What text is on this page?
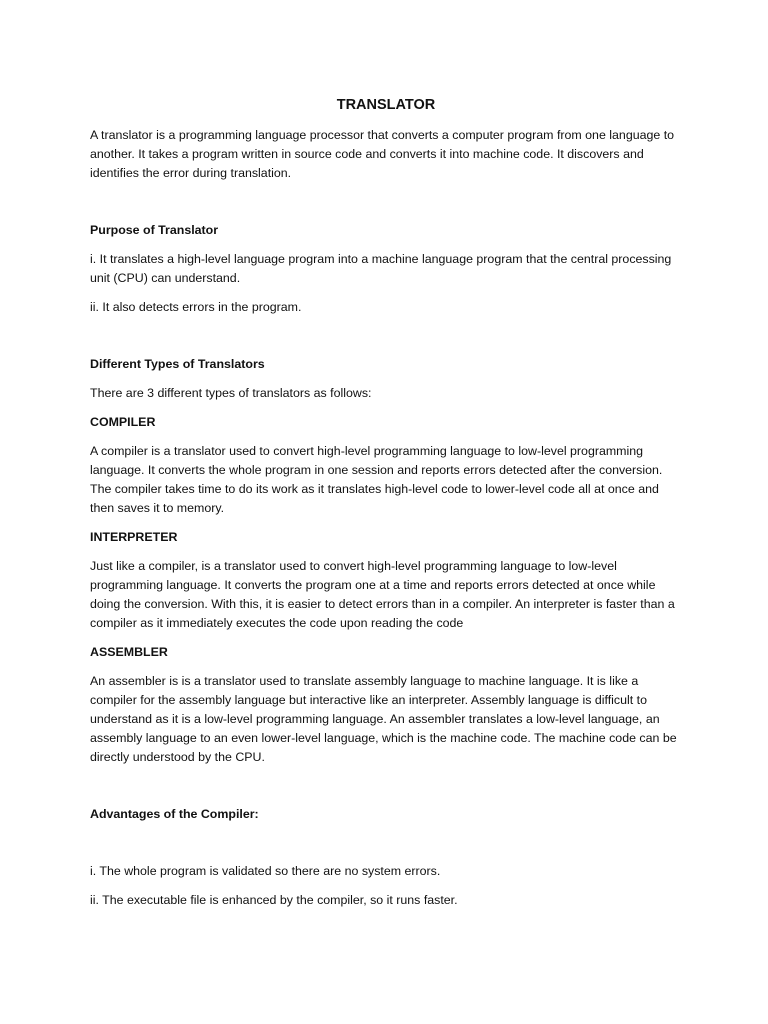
TRANSLATOR

A translator is a programming language processor that converts a computer program from one language to another. It takes a program written in source code and converts it into machine code. It discovers and identifies the error during translation.

Purpose of Translator

i. It translates a high-level language program into a machine language program that the central processing unit (CPU) can understand.

ii. It also detects errors in the program.

Different Types of Translators

There are 3 different types of translators as follows:

COMPILER

A compiler is a translator used to convert high-level programming language to low-level programming language. It converts the whole program in one session and reports errors detected after the conversion. The compiler takes time to do its work as it translates high-level code to lower-level code all at once and then saves it to memory.

INTERPRETER

Just like a compiler, is a translator used to convert high-level programming language to low-level programming language. It converts the program one at a time and reports errors detected at once while doing the conversion. With this, it is easier to detect errors than in a compiler. An interpreter is faster than a compiler as it immediately executes the code upon reading the code

ASSEMBLER

An assembler is is a translator used to translate assembly language to machine language. It is like a compiler for the assembly language but interactive like an interpreter. Assembly language is difficult to understand as it is a low-level programming language. An assembler translates a low-level language, an assembly language to an even lower-level language, which is the machine code. The machine code can be directly understood by the CPU.

Advantages of the Compiler:

i. The whole program is validated so there are no system errors.

ii. The executable file is enhanced by the compiler, so it runs faster.
